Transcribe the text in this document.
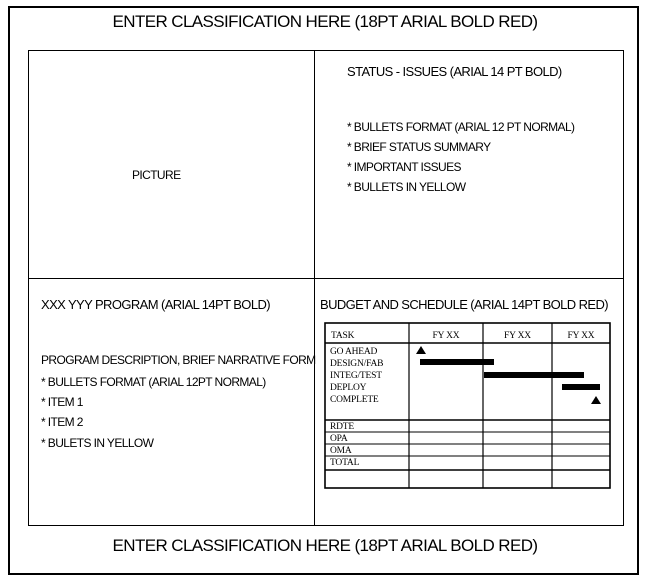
ENTER CLASSIFICATION HERE (18PT ARIAL BOLD RED)
PICTURE
STATUS - ISSUES (ARIAL 14 PT BOLD)
* BULLETS FORMAT (ARIAL 12 PT NORMAL)
* BRIEF STATUS SUMMARY
* IMPORTANT ISSUES
* BULLETS IN YELLOW
XXX YYY PROGRAM (ARIAL 14PT BOLD)
PROGRAM DESCRIPTION, BRIEF NARRATIVE FORM
* BULLETS FORMAT (ARIAL 12PT NORMAL)
* ITEM 1
* ITEM 2
* BULETS IN YELLOW
BUDGET AND SCHEDULE (ARIAL 14PT BOLD RED)
TASK	FY XX	FY XX	FY XX
GO AHEAD
DESIGN/FAB
INTEG/TEST
DEPLOY
COMPLETE
RDTE
OPA
OMA
TOTAL
ENTER CLASSIFICATION HERE (18PT ARIAL BOLD RED)
